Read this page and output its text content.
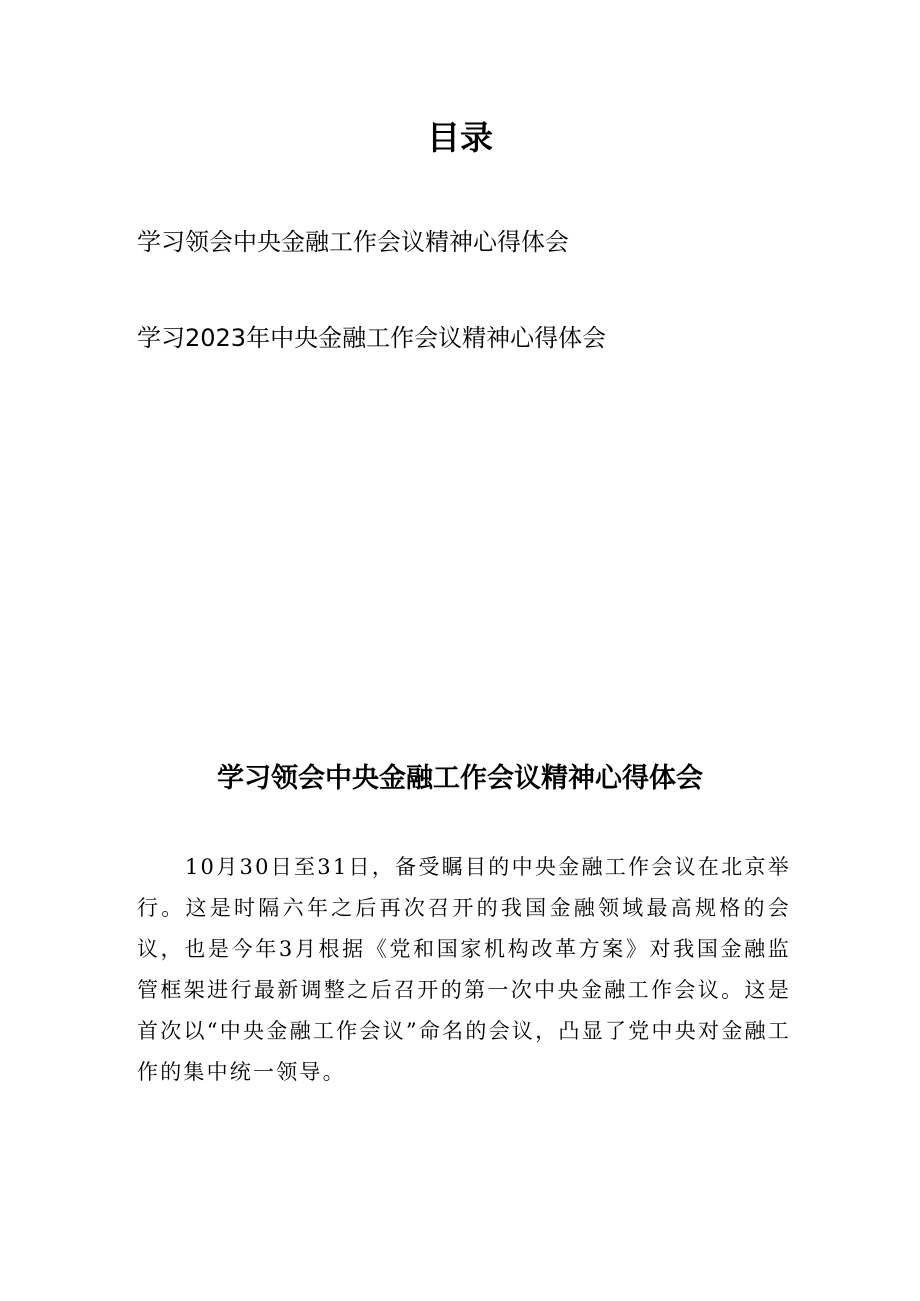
目录
学习领会中央金融工作会议精神心得体会
学习2023年中央金融工作会议精神心得体会
学习领会中央金融工作会议精神心得体会

10月30日至31日，备受瞩目的中央金融工作会议在北京举行。这是时隔六年之后再次召开的我国金融领域最高规格的会议，也是今年3月根据《党和国家机构改革方案》对我国金融监管框架进行最新调整之后召开的第一次中央金融工作会议。这是首次以“中央金融工作会议”命名的会议，凸显了党中央对金融工作的集中统一领导。
